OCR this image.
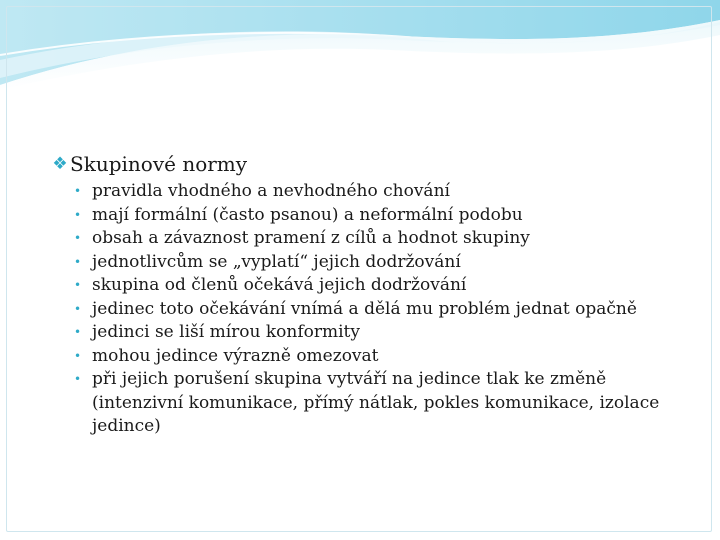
❖ Skupinové normy
• pravidla vhodného a nevhodného chování
• mají formální (často psanou) a neformální podobu
• obsah a závaznost pramení z cílů a hodnot skupiny
• jednotlivcům se „vyplatí“ jejich dodržování
• skupina od členů očekává jejich dodržování
• jedinec toto očekávání vnímá a dělá mu problém jednat opačně
• jedinci se liší mírou konformity
• mohou jedince výrazně omezovat
• při jejich porušení skupina vytváří na jedince tlak ke změně (intenzivní komunikace, přímý nátlak, pokles komunikace, izolace jedince)
